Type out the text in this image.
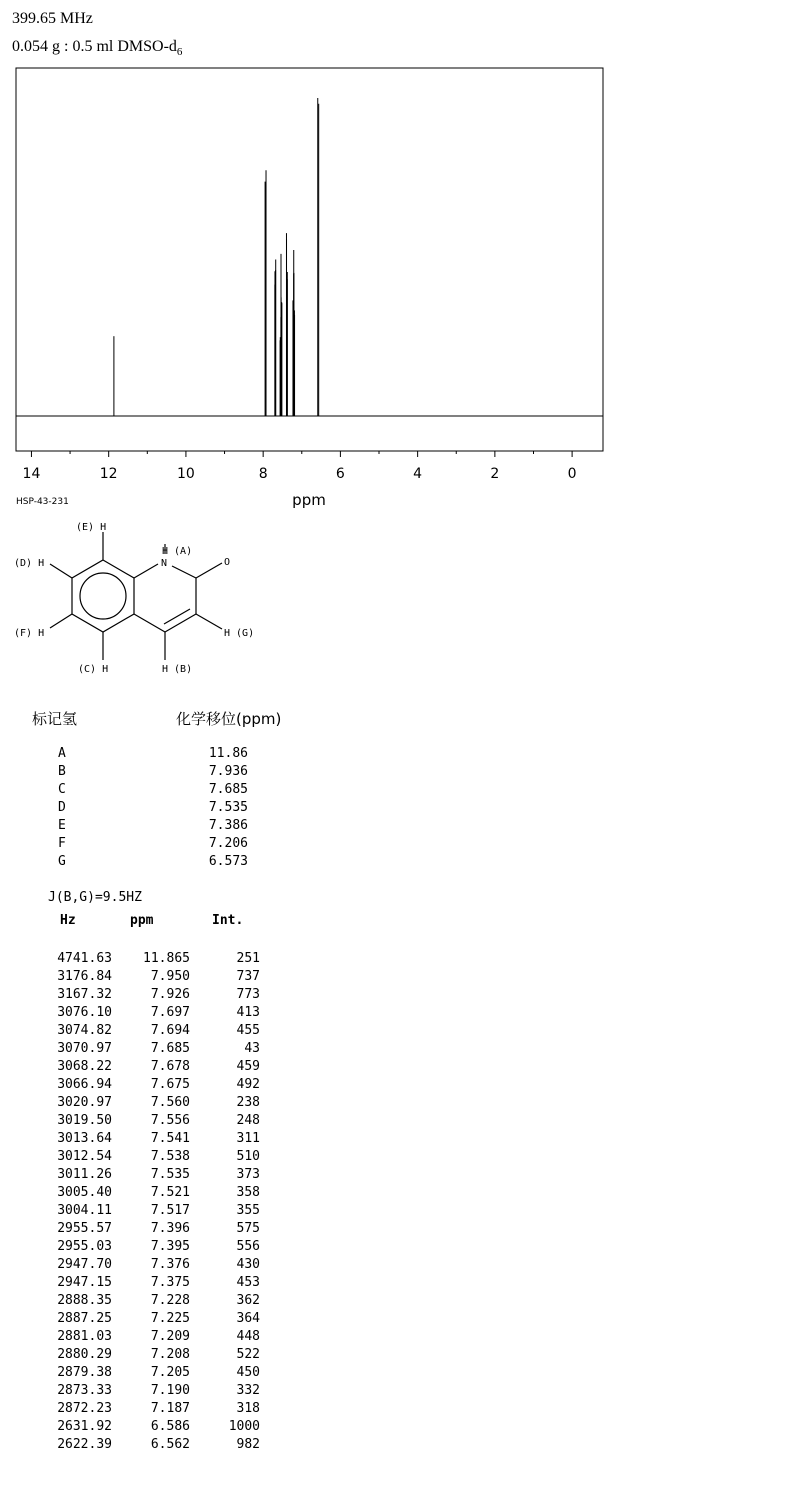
399.65 MHz
0.054 g : 0.5 ml DMSO-$d_6$
14	12	10	8	6	4	2	0
ppm
HSP-43-231
(E) H
(D) H
(F) H
(C) H
H (A)
N	O
H (B)
H (G)
标记氢	化学移位(ppm)
A	11.86
B	7.936
C	7.685
D	7.535
E	7.386
F	7.206
G	6.573
J(B,G)=9.5HZ
Hz	ppm	Int.
4741.63 11.865	251
3176.84	7.950	737
3167.32	7.926	773
3076.10	7.697	413
3074.82	7.694	455
3070.97	7.685	43
3068.22	7.678	459
3066.94	7.675	492
3020.97	7.560	238
3019.50	7.556	248
3013.64	7.541	311
3012.54	7.538	510
3011.26	7.535	373
3005.40	7.521	358
3004.11	7.517	355
2955.57	7.396	575
2955.03	7.395	556
2947.70	7.376	430
2947.15	7.375	453
2888.35	7.228	362
2887.25	7.225	364
2881.03	7.209	448
2880.29	7.208	522
2879.38	7.205	450
2873.33	7.190	332
2872.23	7.187	318
2631.92	6.586	1000
2622.39	6.562	982
